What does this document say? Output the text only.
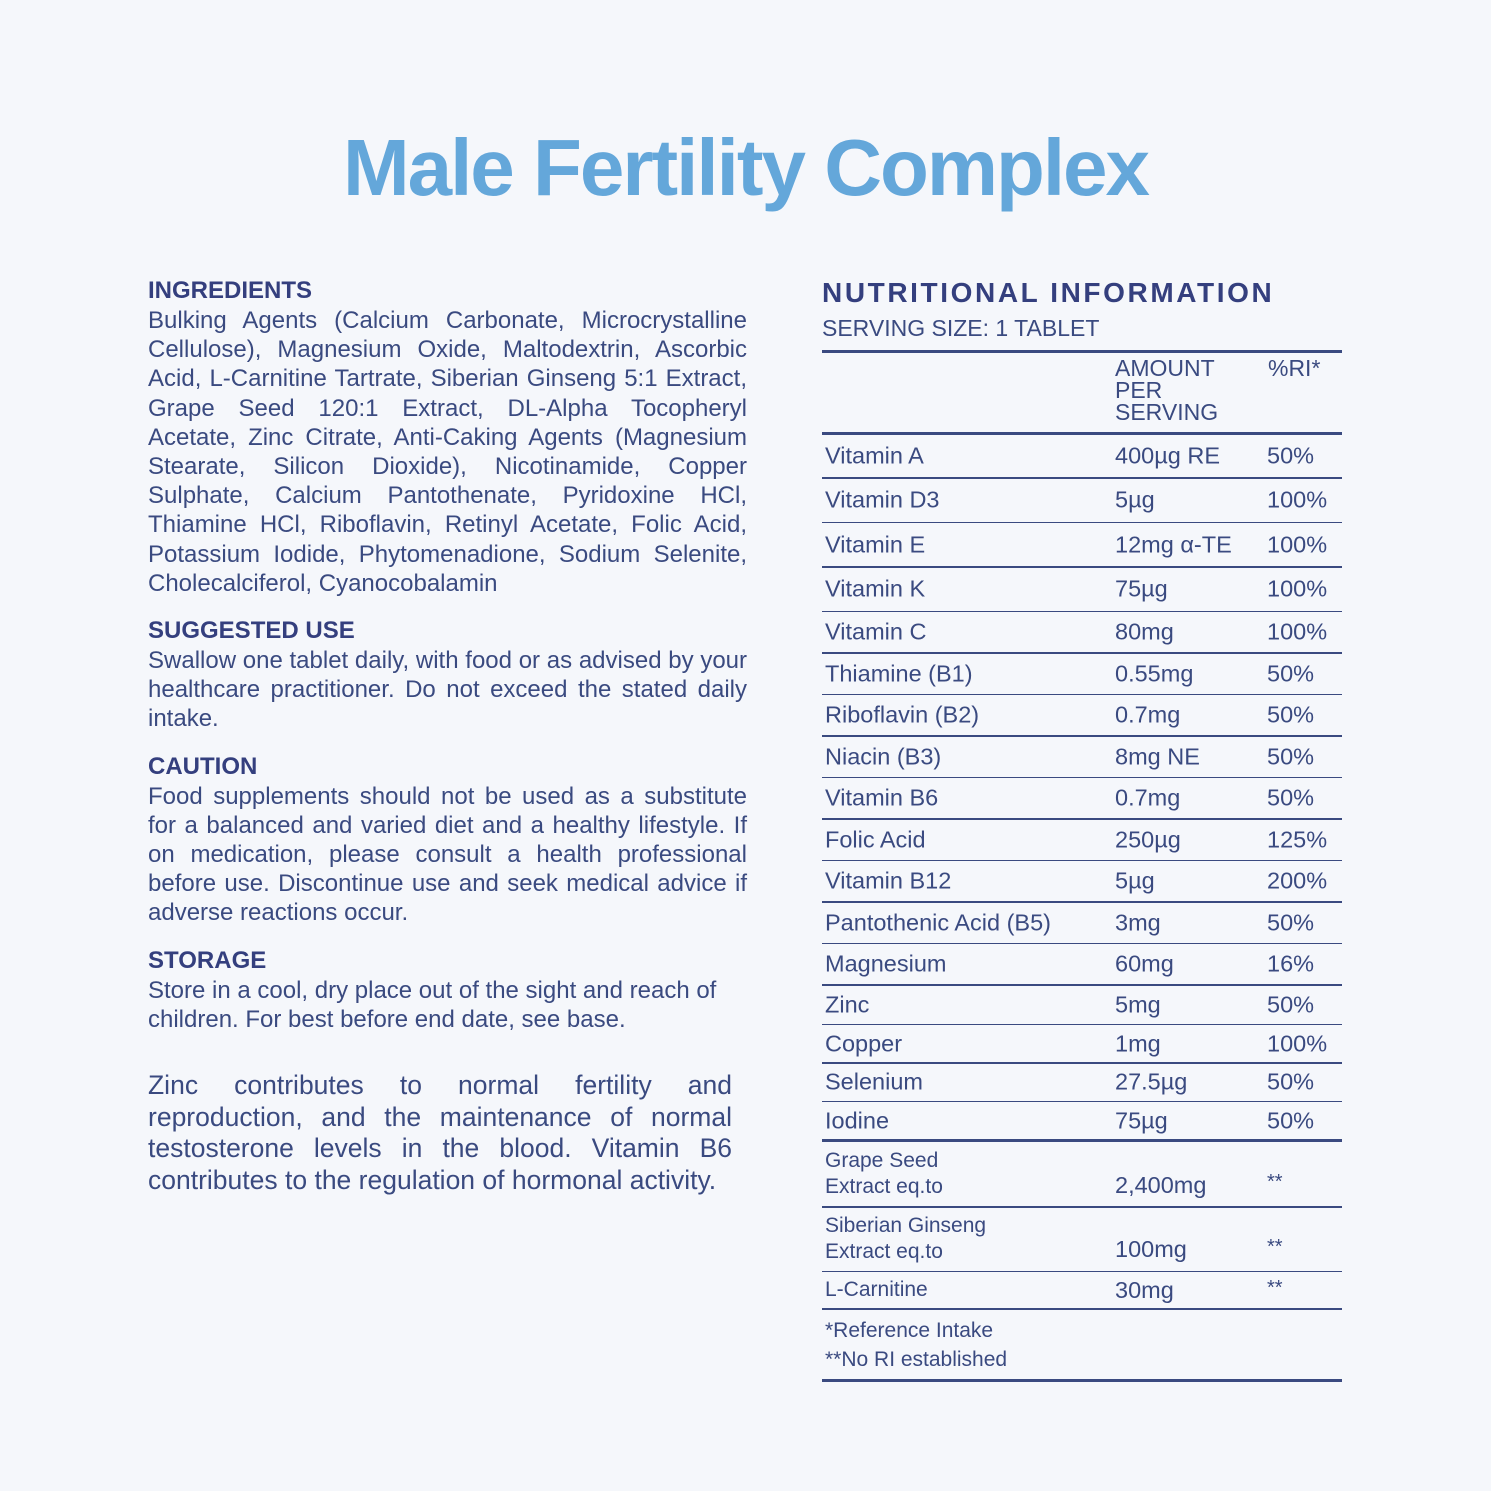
Male Fertility Complex
INGREDIENTS

Bulking Agents (Calcium Carbonate, Microcrystalline Cellulose), Magnesium Oxide, Maltodextrin, Ascorbic Acid, L-Carnitine Tartrate, Siberian Ginseng 5:1 Extract, Grape Seed 120:1 Extract, DL-Alpha Tocopheryl Acetate, Zinc Citrate, Anti-Caking Agents (Magnesium Stearate, Silicon Dioxide), Nicotinamide, Copper Sulphate, Calcium Pantothenate, Pyridoxine HCl, Thiamine HCl, Riboflavin, Retinyl Acetate, Folic Acid, Potassium Iodide, Phytomenadione, Sodium Selenite, Cholecalciferol, Cyanocobalamin

SUGGESTED USE

Swallow one tablet daily, with food or as advised by your healthcare practitioner. Do not exceed the stated daily intake.

CAUTION

Food supplements should not be used as a substitute for a balanced and varied diet and a healthy lifestyle. If on medication, please consult a health professional before use. Discontinue use and seek medical advice if adverse reactions occur.

STORAGE

Store in a cool, dry place out of the sight and reach of children. For best before end date, see base.

Zinc contributes to normal fertility and reproduction, and the maintenance of normal testosterone levels in the blood. Vitamin B6 contributes to the regulation of hormonal activity.

NUTRITIONAL INFORMATION

SERVING SIZE: 1 TABLET

AMOUNT
PER
SERVING
%RI*
Vitamin A	400µg RE 50%
Vitamin D3	5µg	100%
Vitamin E	12mg α-TE 100%
Vitamin K	75µg	100%
Vitamin C	80mg	100%
Thiamine (B1)	0.55mg	50%
Riboflavin (B2)	0.7mg	50%
Niacin (B3)	8mg NE	50%
Vitamin B6	0.7mg	50%
Folic Acid	250µg	125%
Vitamin B12	5µg	200%
Pantothenic Acid (B5)	3mg	50%
Magnesium	60mg	16%
Zinc	5mg	50%
Copper	1mg	100%
Selenium	27.5µg	50%
Iodine	75µg	50%
Grape Seed
Extract eq.to	2,400mg	**
Siberian Ginseng
Extract eq.to	100mg	**
L-Carnitine	30mg	**
*Reference Intake
**No RI established
